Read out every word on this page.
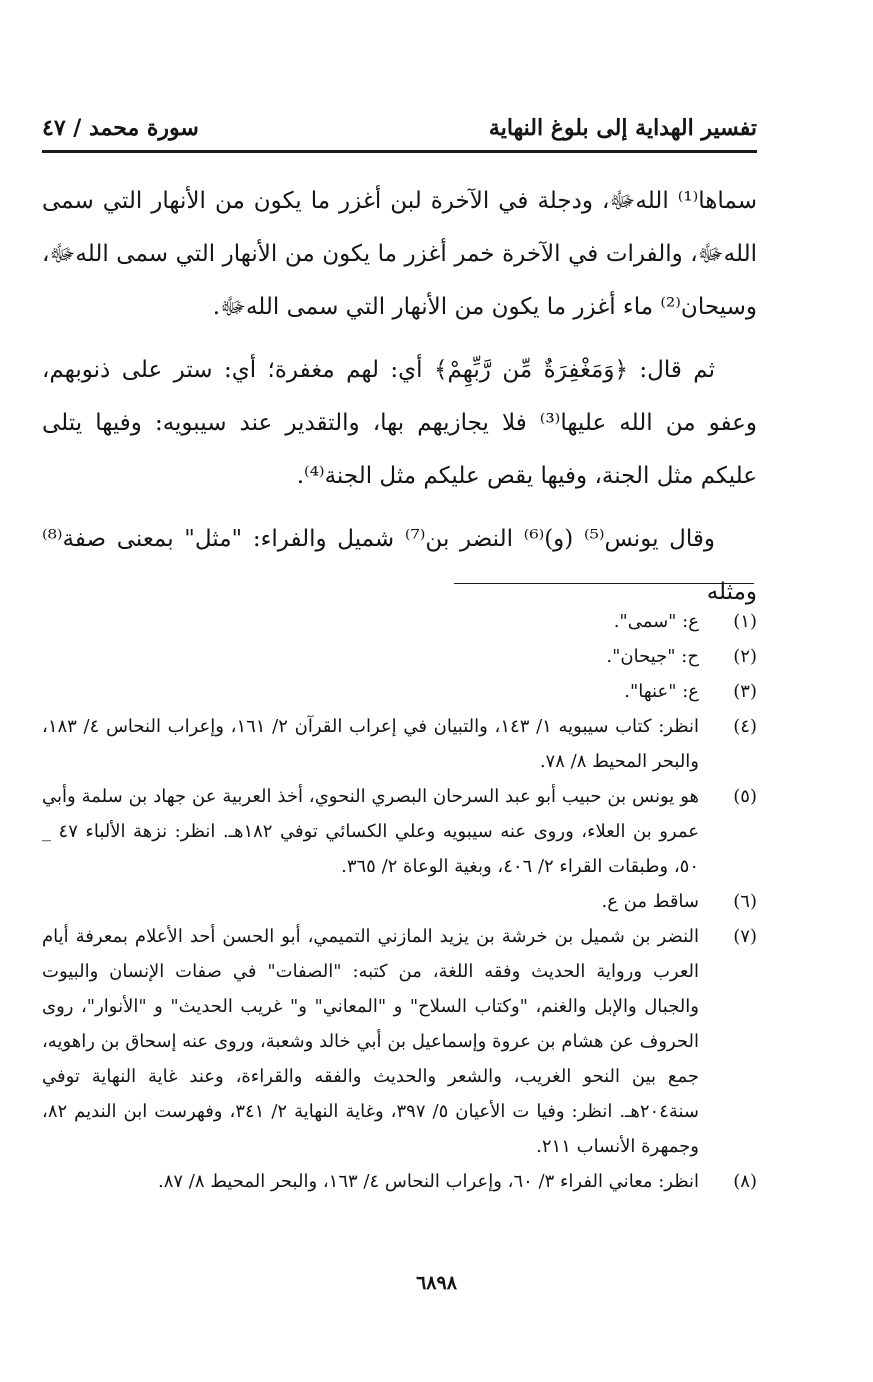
تفسير الهداية إلى بلوغ النهاية
سورة محمد / ٤٧

سماها⁽¹⁾ اللهﷻ، ودجلة في الآخرة لبن أغزر ما يكون من الأنهار التي سمى اللهﷻ، والفرات في الآخرة خمر أغزر ما يكون من الأنهار التي سمى اللهﷻ، وسيحان⁽²⁾ ماء أغزر ما يكون من الأنهار التي سمى اللهﷻ.

ثم قال: ﴿وَمَغْفِرَةٌ مِّن رَّبِّهِمْ﴾ أي: لهم مغفرة؛ أي: ستر على ذنوبهم، وعفو من الله عليها⁽³⁾ فلا يجازيهم بها، والتقدير عند سيبويه: وفيها يتلى عليكم مثل الجنة، وفيها يقص عليكم مثل الجنة⁽⁴⁾.

وقال يونس⁽⁵⁾ (و)⁽⁶⁾ النضر بن⁽⁷⁾ شميل والفراء: "مثل" بمعنى صفة⁽⁸⁾ ومثله

(١)
ع: "سمى".
(٢)
ح: "جيحان".
(٣)
ع: "عنها".
(٤)
انظر: كتاب سيبويه ١/ ١٤٣، والتبيان في إعراب القرآن ٢/ ١٦١، وإعراب النحاس ٤/ ١٨٣، والبحر المحيط ٨/ ٧٨.
(٥)
هو يونس بن حبيب أبو عبد السرحان البصري النحوي، أخذ العربية عن جهاد بن سلمة وأبي عمرو بن العلاء، وروى عنه سيبويه وعلي الكسائي توفي ١٨٢هـ. انظر: نزهة الألباء ٤٧ _ ٥٠، وطبقات القراء ٢/ ٤٠٦، وبغية الوعاة ٢/ ٣٦٥.
(٦)
ساقط من ع.
(٧)
النضر بن شميل بن خرشة بن يزيد المازني التميمي، أبو الحسن أحد الأعلام بمعرفة أيام العرب ورواية الحديث وفقه اللغة، من كتبه: "الصفات" في صفات الإنسان والبيوت والجبال والإبل والغنم، "وكتاب السلاح" و "المعاني" و" غريب الحديث" و "الأنوار"، روى الحروف عن هشام بن عروة وإسماعيل بن أبي خالد وشعبة، وروى عنه إسحاق بن راهويه، جمع بين النحو الغريب، والشعر والحديث والفقه والقراءة، وعند غاية النهاية توفي سنة٢٠٤هـ. انظر: وفيا ت الأعيان ٥/ ٣٩٧، وغاية النهاية ٢/ ٣٤١، وفهرست ابن النديم ٨٢، وجمهرة الأنساب ٢١١.
(٨)
انظر: معاني الفراء ٣/ ٦٠، وإعراب النحاس ٤/ ١٦٣، والبحر المحيط ٨/ ٨٧.
٦٨٩٨
